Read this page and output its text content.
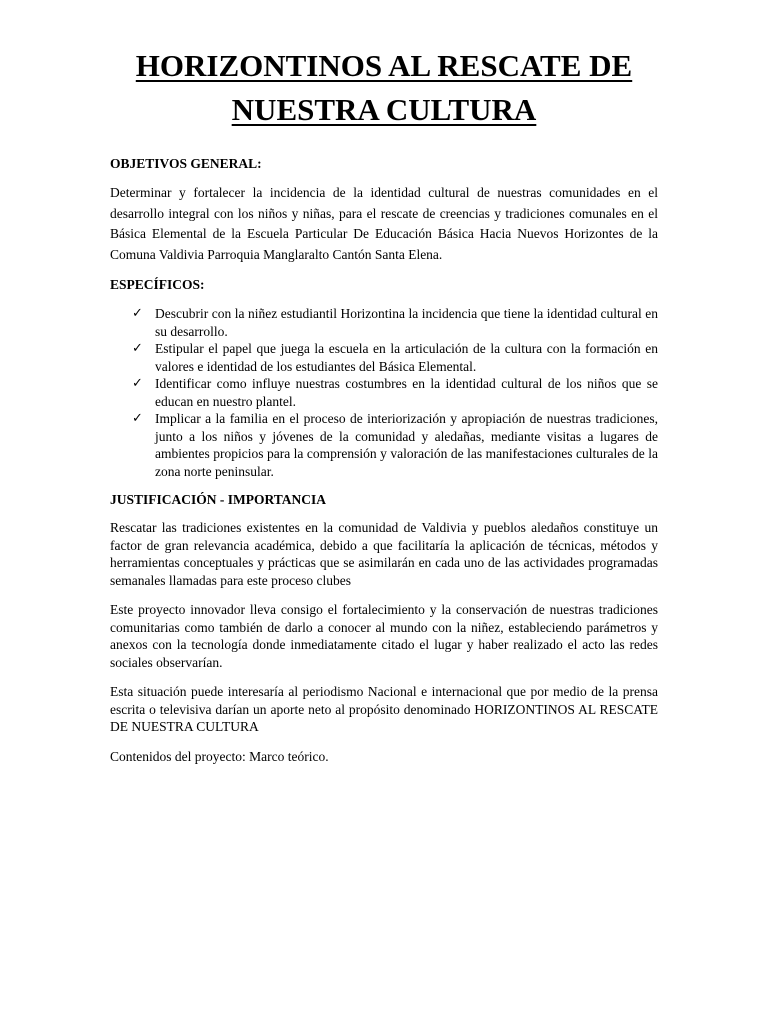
HORIZONTINOS AL RESCATE DE NUESTRA CULTURA
OBJETIVOS GENERAL:

Determinar y fortalecer la incidencia de la identidad cultural de nuestras comunidades en el desarrollo integral con los niños y niñas, para el rescate de creencias y tradiciones comunales en el Básica Elemental de la Escuela Particular De Educación Básica Hacia Nuevos Horizontes de la Comuna Valdivia Parroquia Manglaralto Cantón Santa Elena.

ESPECÍFICOS:
✓ Descubrir con la niñez estudiantil Horizontina la incidencia que tiene la identidad cultural en su desarrollo.
✓ Estipular el papel que juega la escuela en la articulación de la cultura con la formación en valores e identidad de los estudiantes del Básica Elemental.
✓ Identificar como influye nuestras costumbres en la identidad cultural de los niños que se educan en nuestro plantel.
✓ Implicar a la familia en el proceso de interiorización y apropiación de nuestras tradiciones, junto a los niños y jóvenes de la comunidad y aledañas, mediante visitas a lugares de ambientes propicios para la comprensión y valoración de las manifestaciones culturales de la zona norte peninsular.
JUSTIFICACIÓN - IMPORTANCIA

Rescatar las tradiciones existentes en la comunidad de Valdivia y pueblos aledaños constituye un factor de gran relevancia académica, debido a que facilitaría la aplicación de técnicas, métodos y herramientas conceptuales y prácticas que se asimilarán en cada uno de las actividades programadas semanales llamadas para este proceso clubes

Este proyecto innovador lleva consigo el fortalecimiento y la conservación de nuestras tradiciones comunitarias como también de darlo a conocer al mundo con la niñez, estableciendo parámetros y anexos con la tecnología donde inmediatamente citado el lugar y haber realizado el acto las redes sociales observarían.

Esta situación puede interesaría al periodismo Nacional e internacional que por medio de la prensa escrita o televisiva darían un aporte neto al propósito denominado HORIZONTINOS AL RESCATE DE NUESTRA CULTURA

Contenidos del proyecto: Marco teórico.
